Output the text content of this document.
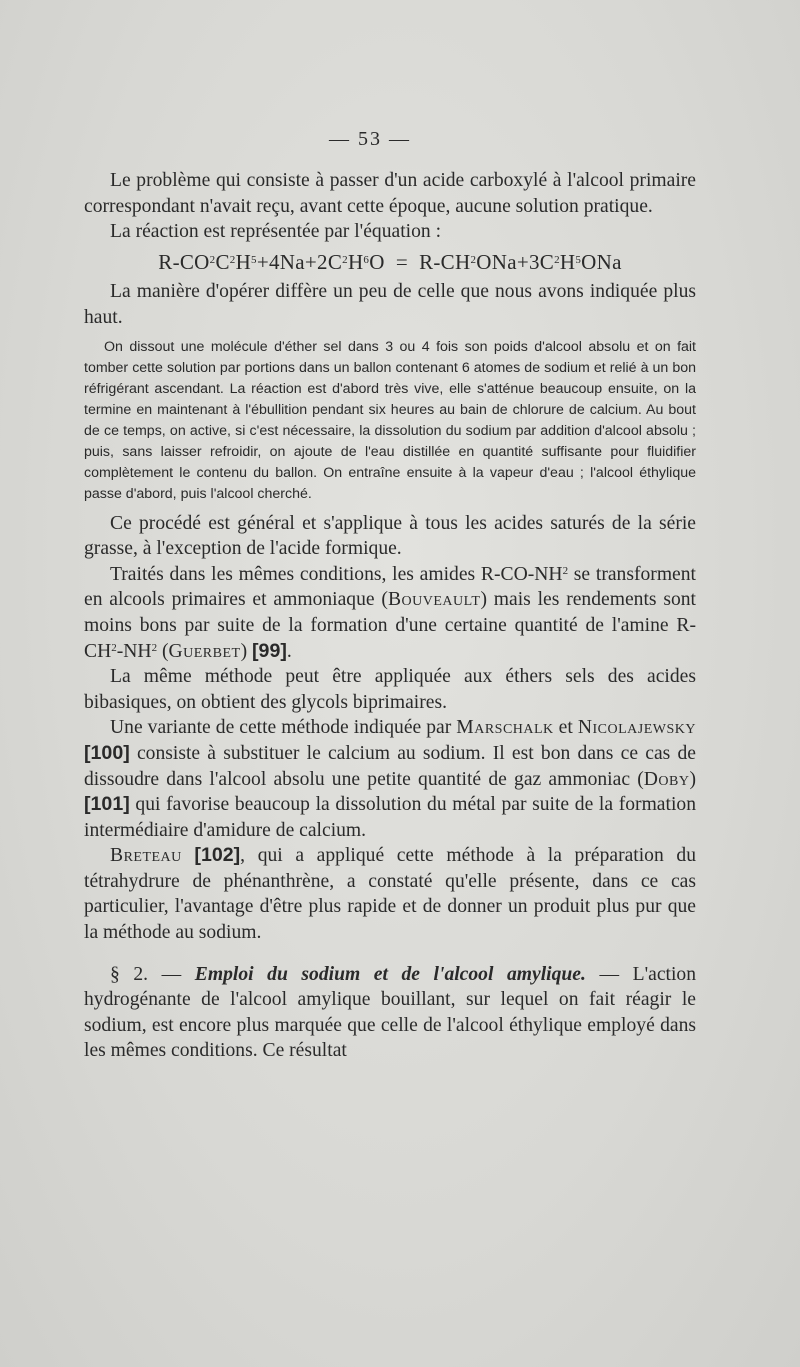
— 53 —

Le problème qui consiste à passer d'un acide carboxylé à l'alcool primaire correspondant n'avait reçu, avant cette époque, aucune solution pratique.

La réaction est représentée par l'équation :

$R-CO^2C^2H^5+4Na+2C^2H^6O = R-CH^2ONa+3C^2H^5ONa$

La manière d'opérer diffère un peu de celle que nous avons indiquée plus haut.

On dissout une molécule d'éther sel dans 3 ou 4 fois son poids d'alcool absolu et on fait tomber cette solution par portions dans un ballon contenant 6 atomes de sodium et relié à un bon réfrigérant ascendant. La réaction est d'abord très vive, elle s'atténue beaucoup ensuite, on la termine en maintenant à l'ébullition pendant six heures au bain de chlorure de calcium. Au bout de ce temps, on active, si c'est nécessaire, la dissolution du sodium par addition d'alcool absolu ; puis, sans laisser refroidir, on ajoute de l'eau distillée en quantité suffisante pour fluidifier complètement le contenu du ballon. On entraîne ensuite à la vapeur d'eau ; l'alcool éthylique passe d'abord, puis l'alcool cherché.

Ce procédé est général et s'applique à tous les acides saturés de la série grasse, à l'exception de l'acide formique.

Traités dans les mêmes conditions, les amides $R-CO-NH^2$ se transforment en alcools primaires et ammoniaque (Bouveault) mais les rendements sont moins bons par suite de la formation d'une certaine quantité de l'amine $R-CH^2-NH^2$ (Guerbet) [99].

La même méthode peut être appliquée aux éthers sels des acides bibasiques, on obtient des glycols biprimaires.

Une variante de cette méthode indiquée par Marschalk et Nicolajewsky [100] consiste à substituer le calcium au sodium. Il est bon dans ce cas de dissoudre dans l'alcool absolu une petite quantité de gaz ammoniac (Doby) [101] qui favorise beaucoup la dissolution du métal par suite de la formation intermédiaire d'amidure de calcium.

Breteau [102], qui a appliqué cette méthode à la préparation du tétrahydrure de phénanthrène, a constaté qu'elle présente, dans ce cas particulier, l'avantage d'être plus rapide et de donner un produit plus pur que la méthode au sodium.

§ 2. — Emploi du sodium et de l'alcool amylique. — L'action hydrogénante de l'alcool amylique bouillant, sur lequel on fait réagir le sodium, est encore plus marquée que celle de l'alcool éthylique employé dans les mêmes conditions. Ce résultat
